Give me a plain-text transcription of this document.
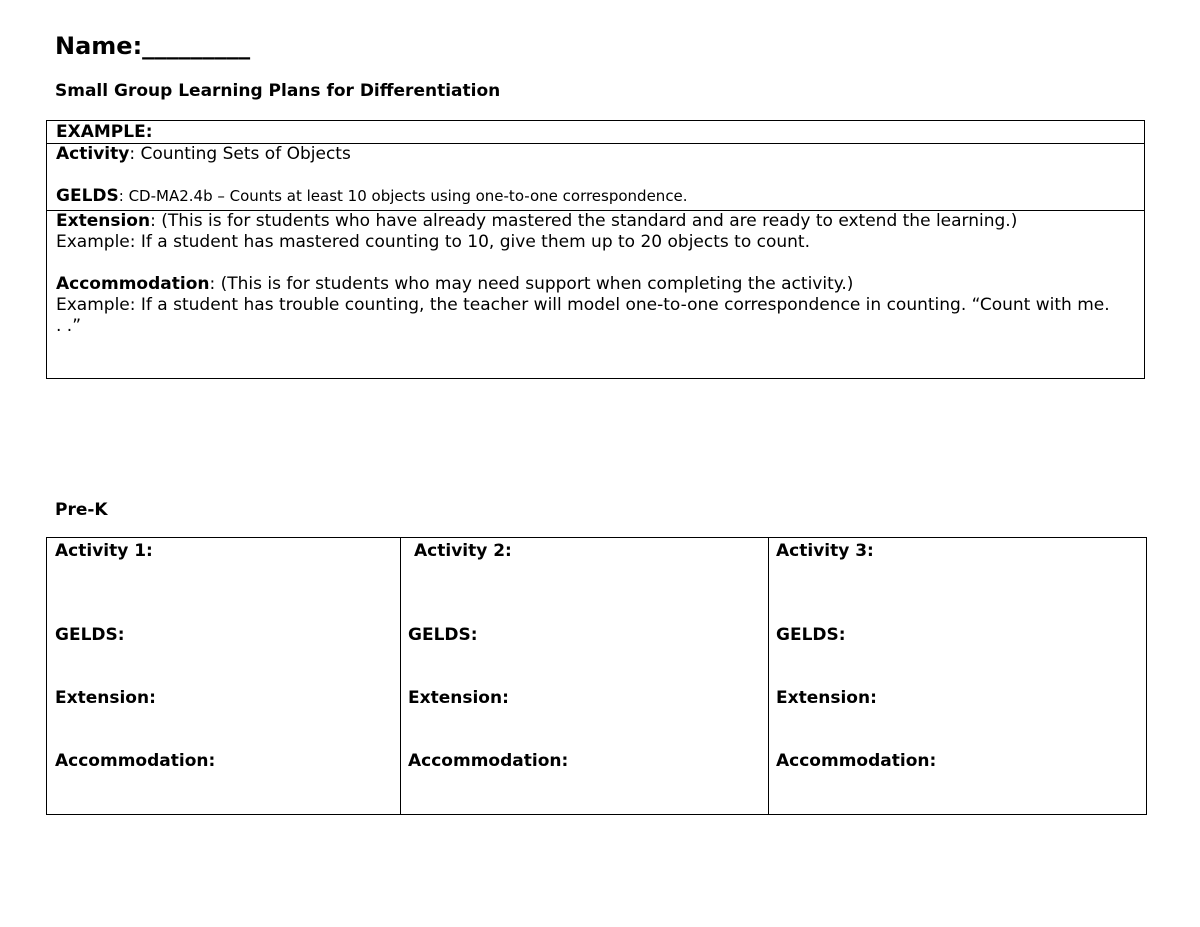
Name:_________
Small Group Learning Plans for Differentiation
EXAMPLE:
Activity: Counting Sets of Objects
GELDS: CD-MA2.4b – Counts at least 10 objects using one-to-one correspondence.
Extension: (This is for students who have already mastered the standard and are ready to extend the learning.)
Example: If a student has mastered counting to 10, give them up to 20 objects to count.
Accommodation: (This is for students who may need support when completing the activity.)
Example: If a student has trouble counting, the teacher will model one-to-one correspondence in counting. “Count with me. . .”
Pre-K
Activity 1:
GELDS:
Extension:
Accommodation:
Activity 2:
GELDS:
Extension:
Accommodation:
Activity 3:
GELDS:
Extension:
Accommodation:
